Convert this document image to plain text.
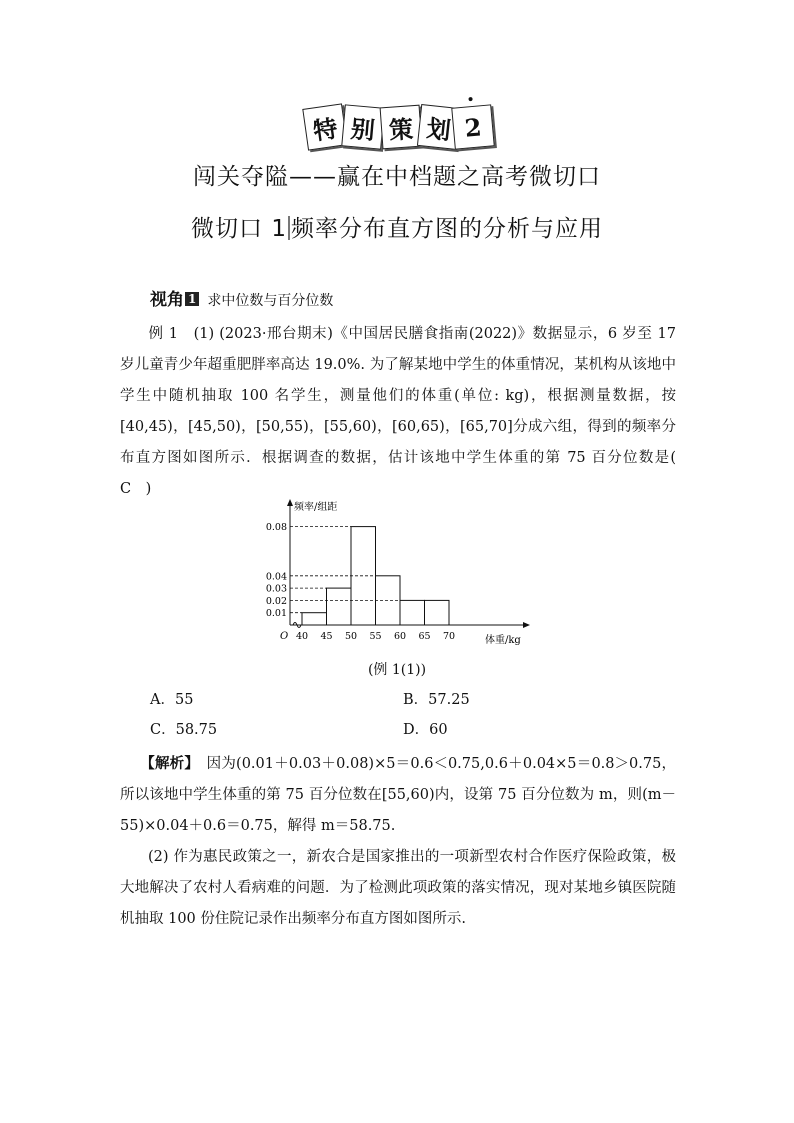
特 别 策 划 2
闯关夺隘——赢在中档题之高考微切口
微切口 1 频率分布直方图的分析与应用
视角 1 求中位数与百分位数
例 1　(1) (2023·邢台期末)《中国居民膳食指南(2022)》数据显示，6 岁至 17 岁儿童青少年超重肥胖率高达 19.0%. 为了解某地中学生的体重情况，某机构从该地中学生中随机抽取 100 名学生，测量他们的体重(单位: kg)，根据测量数据，按[40,45)，[45,50)，[50,55)，[55,60)，[60,65)，[65,70]分成六组，得到的频率分布直方图如图所示．根据调查的数据，估计该地中学生体重的第 75 百分位数是(　C　)
频率/组距
体重/kg
O
0.01
0.02
0.03
0.04
0.08
40 45 50 55 60 65 70
(例 1(1))
A．55	B．57.25
C．58.75	D．60
【解析】　 因为(0.01＋0.03＋0.08)×5＝0.6＜0.75,0.6＋0.04×5＝0.8＞0.75，所以该地中学生体重的第 75 百分位数在[55,60)内，设第 75 百分位数为 m，则(m－55)×0.04＋0.6＝0.75，解得 m＝58.75.
(2) 作为惠民政策之一，新农合是国家推出的一项新型农村合作医疗保险政策，极大地解决了农村人看病难的问题．为了检测此项政策的落实情况，现对某地乡镇医院随机抽取 100 份住院记录作出频率分布直方图如图所示.
